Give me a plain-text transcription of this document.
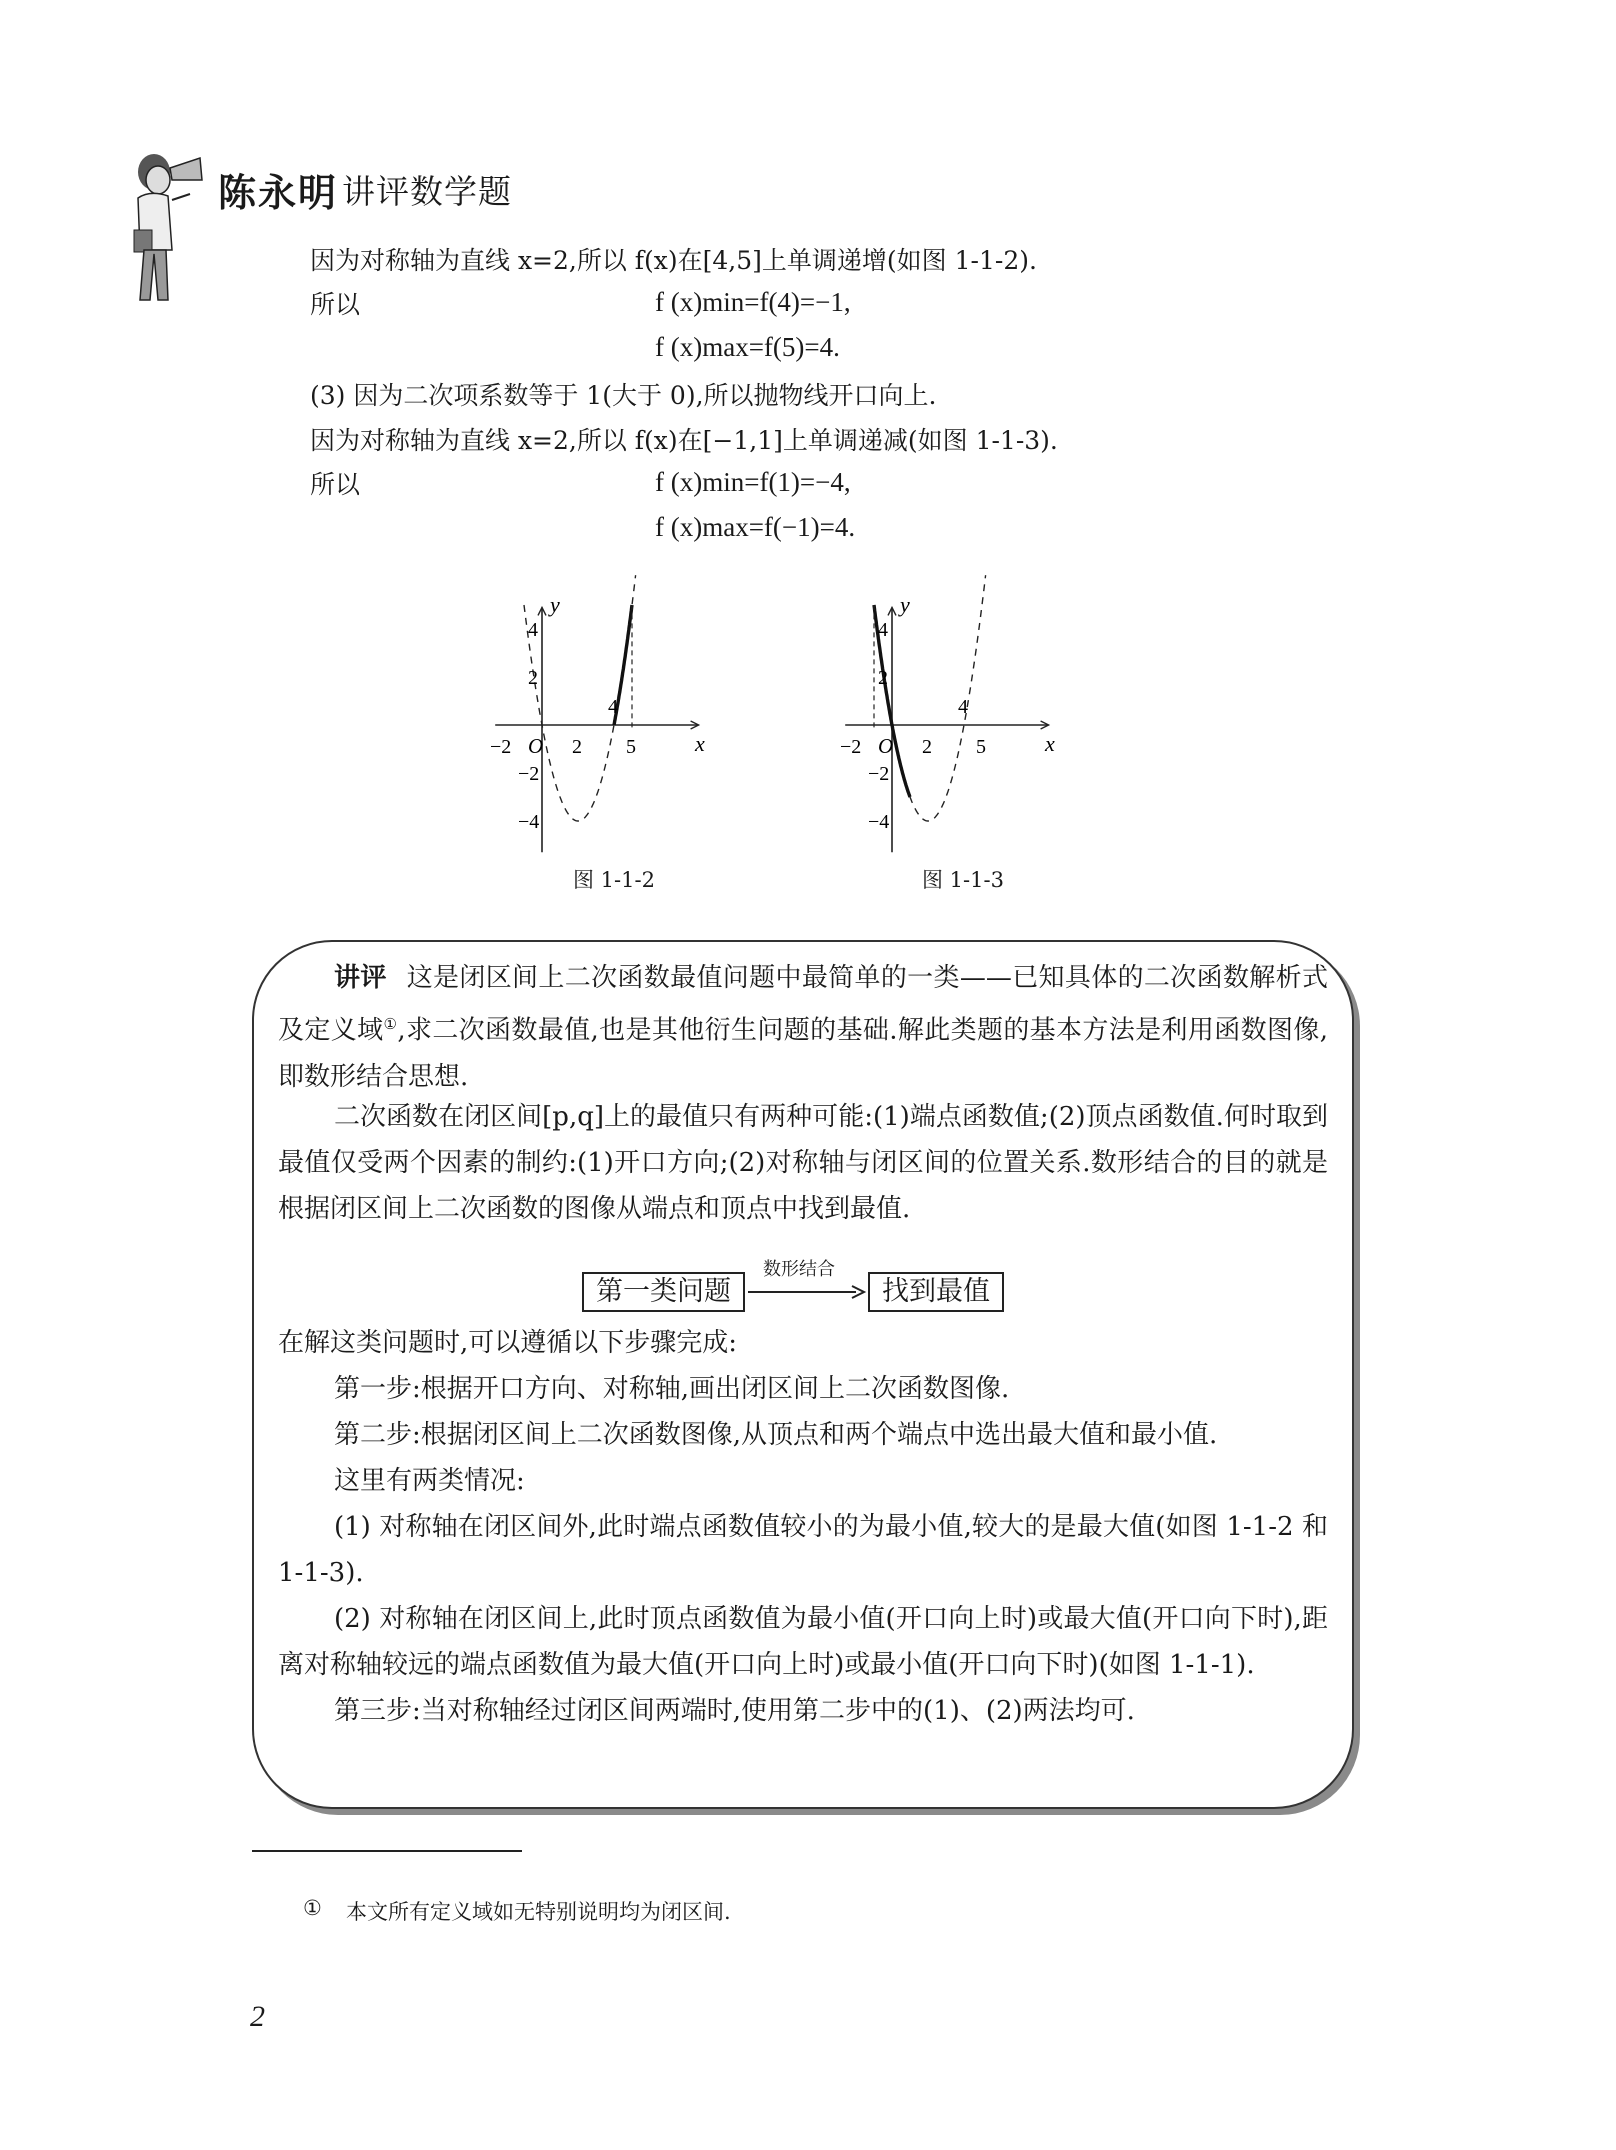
陈永明 讲评数学题
因为对称轴为直线 x=2,所以 f(x)在[4,5]上单调递增(如图 1-1-2).
所以	f (x)min=f(4)=−1,
f (x)max=f(5)=4.
(3) 因为二次项系数等于 1(大于 0),所以抛物线开口向上.
因为对称轴为直线 x=2,所以 f(x)在[−1,1]上单调递减(如图 1-1-3).
所以	f (x)min=f(1)=−4,
f (x)max=f(−1)=4.
−2	2
4
5
4
2
−2
−4
O	x
y
图 1-1-2
−2	2
4
5
4
2
−2
−4
O	x
y
图 1-1-3
讲评 这是闭区间上二次函数最值问题中最简单的一类——已知具体的二次函数解析式及定义域①,求二次函数最值,也是其他衍生问题的基础.解此类题的基本方法是利用函数图像,即数形结合思想.
二次函数在闭区间[p,q]上的最值只有两种可能:(1)端点函数值;(2)顶点函数值.何时取到最值仅受两个因素的制约:(1)开口方向;(2)对称轴与闭区间的位置关系.数形结合的目的就是根据闭区间上二次函数的图像从端点和顶点中找到最值.
第一类问题
数形结合
找到最值
在解这类问题时,可以遵循以下步骤完成:
第一步:根据开口方向、对称轴,画出闭区间上二次函数图像.
第二步:根据闭区间上二次函数图像,从顶点和两个端点中选出最大值和最小值.
这里有两类情况:
(1) 对称轴在闭区间外,此时端点函数值较小的为最小值,较大的是最大值(如图 1-1-2 和 1-1-3).
(2) 对称轴在闭区间上,此时顶点函数值为最小值(开口向上时)或最大值(开口向下时),距离对称轴较远的端点函数值为最大值(开口向上时)或最小值(开口向下时)(如图 1-1-1).
第三步:当对称轴经过闭区间两端时,使用第二步中的(1)、(2)两法均可.
① 本文所有定义域如无特别说明均为闭区间.
2
